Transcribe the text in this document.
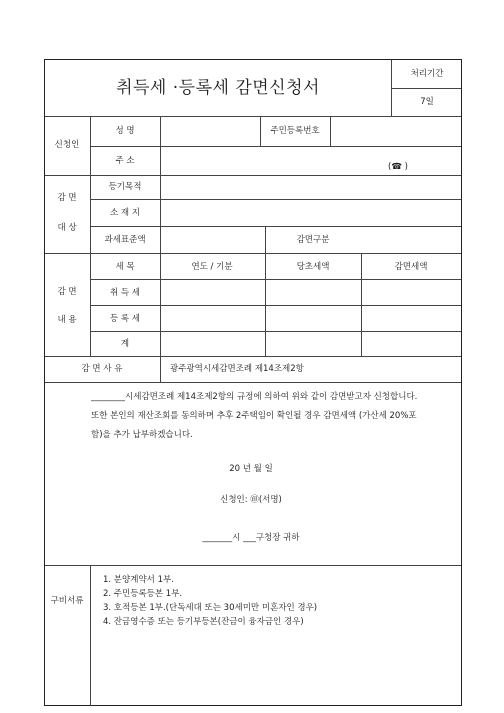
취득세 ·등록세 감면신청서
처리기간
7일
신청인
성 명	주민등록번호
주 소
(☎ )
감 면
대 상
등기목적
소 재 지
과세표준액	감면구분
감 면
내 용
세 목	연도 / 기분	당초세액	감면세액
취 득 세
등 록 세
계
감 면 사 유	광주광역시세감면조례 제14조제2항
________시세감면조례 제14조제2항의 규정에 의하여 위와 같이 감면받고자 신청합니다.
또한 본인의 재산조회를 동의하며 추후 2주택임이 확인될 경우 감면세액 (가산세 20%포
함)을 추가 납부하겠습니다.
20 년 월 일
신청인: ㊞(서명)
_______시 ___구청장 귀하
구비서류
1. 분양계약서 1부.
2. 주민등록등본 1부.
3. 호적등본 1부.(단독세대 또는 30세미만 미혼자인 경우)
4. 잔금영수증 또는 등기부등본(잔금이 융자금인 경우)
